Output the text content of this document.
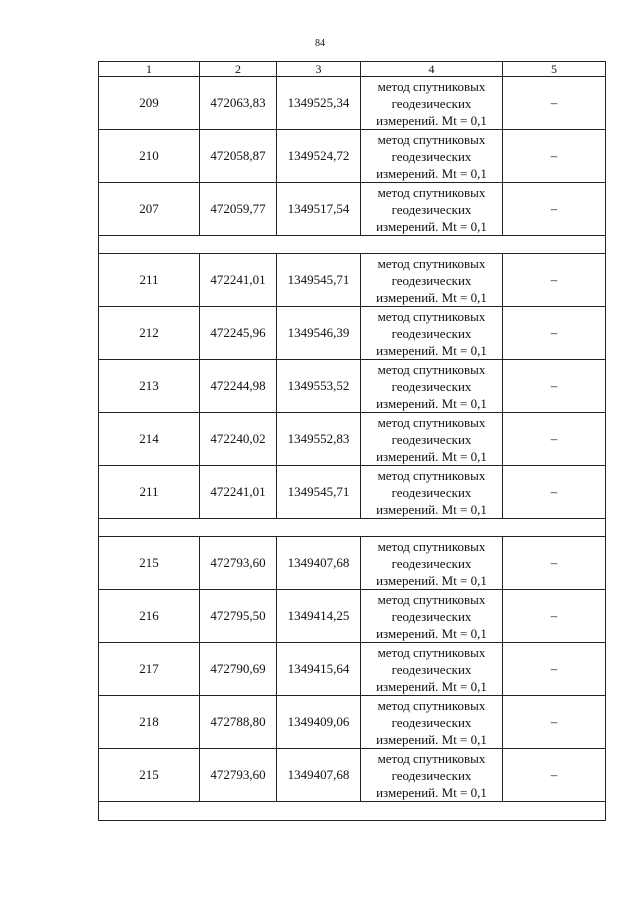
84
1	2	3	4	5
209	472063,83	1349525,34	метод спутниковых
геодезических
измерений. Mt = 0,1	–
210	472058,87	1349524,72	метод спутниковых
геодезических
измерений. Mt = 0,1	–
207	472059,77	1349517,54	метод спутниковых
геодезических
измерений. Mt = 0,1	–

211	472241,01	1349545,71	метод спутниковых
геодезических
измерений. Mt = 0,1	–
212	472245,96	1349546,39	метод спутниковых
геодезических
измерений. Mt = 0,1	–
213	472244,98	1349553,52	метод спутниковых
геодезических
измерений. Mt = 0,1	–
214	472240,02	1349552,83	метод спутниковых
геодезических
измерений. Mt = 0,1	–
211	472241,01	1349545,71	метод спутниковых
геодезических
измерений. Mt = 0,1	–

215	472793,60	1349407,68	метод спутниковых
геодезических
измерений. Mt = 0,1	–
216	472795,50	1349414,25	метод спутниковых
геодезических
измерений. Mt = 0,1	–
217	472790,69	1349415,64	метод спутниковых
геодезических
измерений. Mt = 0,1	–
218	472788,80	1349409,06	метод спутниковых
геодезических
измерений. Mt = 0,1	–
215	472793,60	1349407,68	метод спутниковых
геодезических
измерений. Mt = 0,1	–
